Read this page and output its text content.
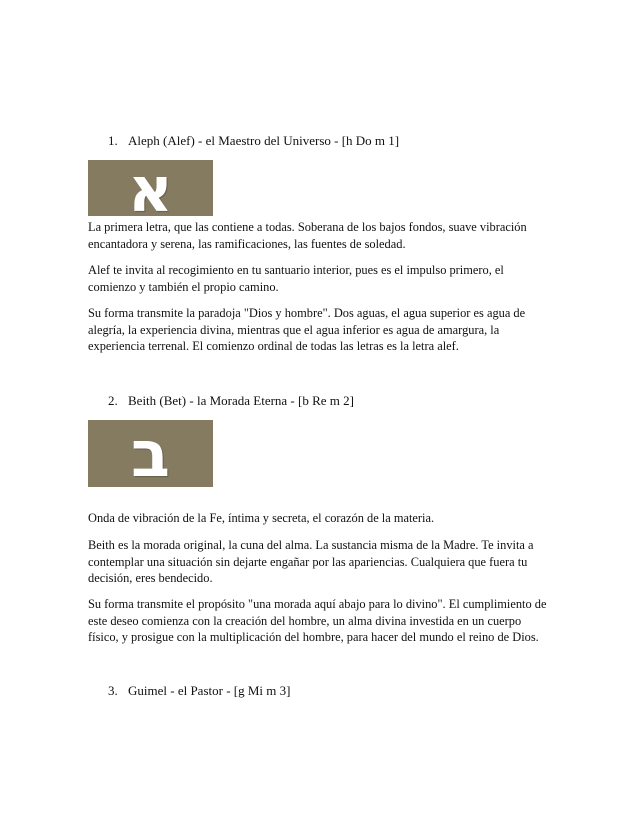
1. Aleph (Alef) - el Maestro del Universo - [h Do m 1]
א

La primera letra, que las contiene a todas. Soberana de los bajos fondos, suave vibración encantadora y serena, las ramificaciones, las fuentes de soledad.

Alef te invita al recogimiento en tu santuario interior, pues es el impulso primero, el comienzo y también el propio camino.

Su forma transmite la paradoja "Dios y hombre". Dos aguas, el agua superior es agua de alegría, la experiencia divina, mientras que el agua inferior es agua de amargura, la experiencia terrenal. El comienzo ordinal de todas las letras es la letra alef.

2. Beith (Bet) - la Morada Eterna - [b Re m 2]
ב

Onda de vibración de la Fe, íntima y secreta, el corazón de la materia.

Beith es la morada original, la cuna del alma. La sustancia misma de la Madre. Te invita a contemplar una situación sin dejarte engañar por las apariencias. Cualquiera que fuera tu decisión, eres bendecido.

Su forma transmite el propósito "una morada aquí abajo para lo divino". El cumplimiento de este deseo comienza con la creación del hombre, un alma divina investida en un cuerpo físico, y prosigue con la multiplicación del hombre, para hacer del mundo el reino de Dios.

3. Guimel - el Pastor - [g Mi m 3]
